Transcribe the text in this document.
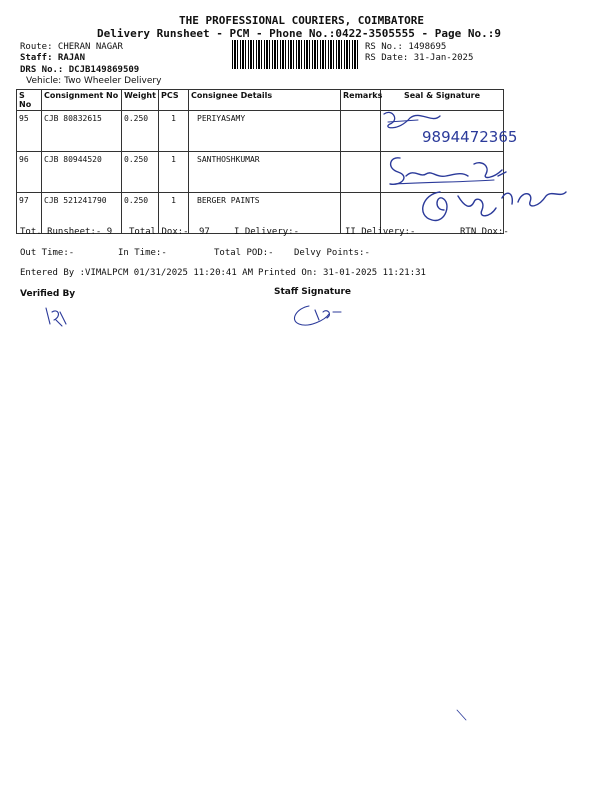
THE PROFESSIONAL COURIERS, COIMBATORE
Delivery Runsheet - PCM - Phone No.:0422-3505555 - Page No.:9
Route: CHERAN NAGAR
Staff: RAJAN
DRS No.: DCJB149869509
Vehicle: Two Wheeler Delivery
RS No.: 1498695
RS Date: 31-Jan-2025
S No	Consignment No	Weight	PCS	Consignee Details	Remarks	Seal & Signature
95	CJB 80832615	0.250	1	PERIYASAMY		
96	CJB 80944520	0.250	1	SANTHOSHKUMAR		
97	CJB 521241790	0.250	1	BERGER PAINTS		
9894472365
Tot. Runsheet:- 9 Total Dox:- 97	I Delivery:-	II Delivery:-	RTN Dox:-
Out Time:-	In Time:-	Total POD:- Delvy Points:-
Entered By :VIMALPCM 01/31/2025 11:20:41 AM Printed On: 31-01-2025 11:21:31
Verified By	Staff Signature
